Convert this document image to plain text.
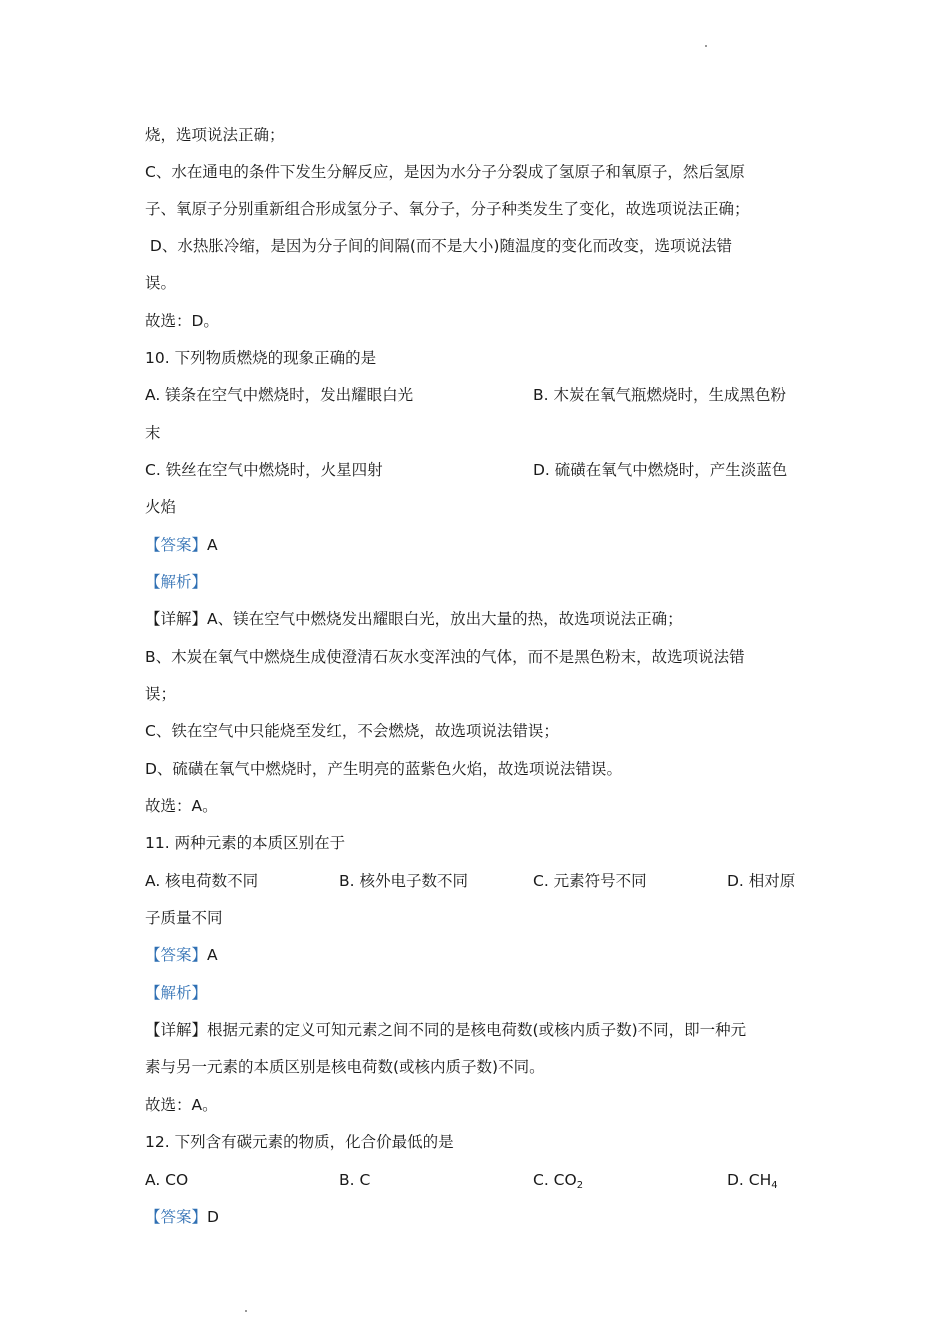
烧，选项说法正确；
C、水在通电的条件下发生分解反应，是因为水分子分裂成了氢原子和氧原子，然后氢原
子、氧原子分别重新组合形成氢分子、氧分子，分子种类发生了变化，故选项说法正确；
D、水热胀冷缩，是因为分子间的间隔(而不是大小)随温度的变化而改变，选项说法错
误。
故选：D。
10. 下列物质燃烧的现象正确的是
A. 镁条在空气中燃烧时，发出耀眼白光	B. 木炭在氧气瓶燃烧时，生成黑色粉
末
C. 铁丝在空气中燃烧时，火星四射	D. 硫磺在氧气中燃烧时，产生淡蓝色
火焰
【答案】A
【解析】
【详解】A、镁在空气中燃烧发出耀眼白光，放出大量的热，故选项说法正确；
B、木炭在氧气中燃烧生成使澄清石灰水变浑浊的气体，而不是黑色粉末，故选项说法错
误；
C、铁在空气中只能烧至发红，不会燃烧，故选项说法错误；
D、硫磺在氧气中燃烧时，产生明亮的蓝紫色火焰，故选项说法错误。
故选：A。
11. 两种元素的本质区别在于
A. 核电荷数不同	B. 核外电子数不同	C. 元素符号不同	D. 相对原
子质量不同
【答案】A
【解析】
【详解】根据元素的定义可知元素之间不同的是核电荷数(或核内质子数)不同，即一种元
素与另一元素的本质区别是核电荷数(或核内质子数)不同。
故选：A。
12. 下列含有碳元素的物质，化合价最低的是
A. CO	B. C	C. $CO_2$	D. $CH_4$
【答案】D
